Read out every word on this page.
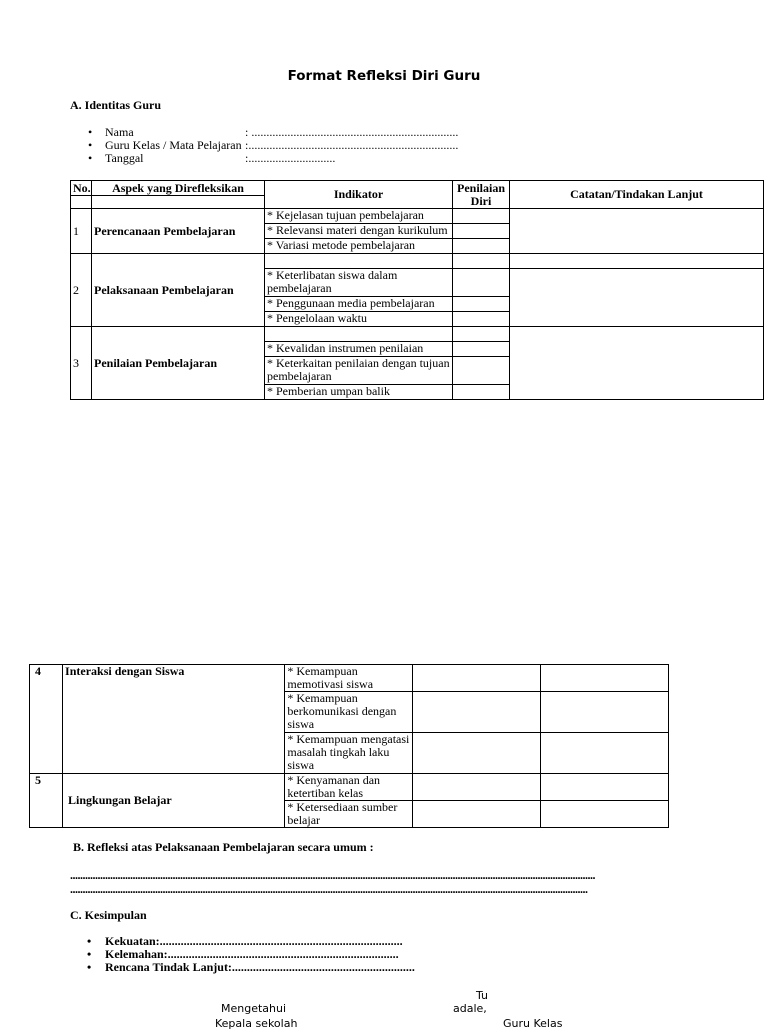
Format Refleksi Diri Guru
A. Identitas Guru
• Nama	: .....................................................................
• Guru Kelas / Mata Pelajaran :......................................................................
• Tanggal	:.............................
No.	Aspek yang Direfleksikan	Indikator	Penilaian Diri	Catatan/Tindakan Lanjut

1	Perencanaan Pembelajaran	* Kejelasan tujuan pembelajaran		
		* Relevansi materi dengan kurikulum		
		* Variasi metode pembelajaran		
2	Pelaksanaan Pembelajaran			
		* Keterlibatan siswa dalam pembelajaran		
		* Penggunaan media pembelajaran		
		* Pengelolaan waktu		
3	Penilaian Pembelajaran			
		* Kevalidan instrumen penilaian		
		* Keterkaitan penilaian dengan tujuan pembelajaran		
		* Pemberian umpan balik		
4	Interaksi dengan Siswa	* Kemampuan memotivasi siswa		
		* Kemampuan berkomunikasi dengan siswa		
		* Kemampuan mengatasi masalah tingkah laku siswa		
5	Lingkungan Belajar	* Kenyamanan dan ketertiban kelas		
		* Ketersediaan sumber belajar		
B. Refleksi atas Pelaksanaan Pembelajaran secara umum :
..................................................................................................................................................................................................................
...............................................................................................................................................................................................................
C. Kesimpulan
• Kekuatan:.................................................................................
• Kelemahan:.............................................................................
• Rencana Tindak Lanjut:.............................................................
Tu
Mengetahui	adale,
Kepala sekolah	Guru Kelas
